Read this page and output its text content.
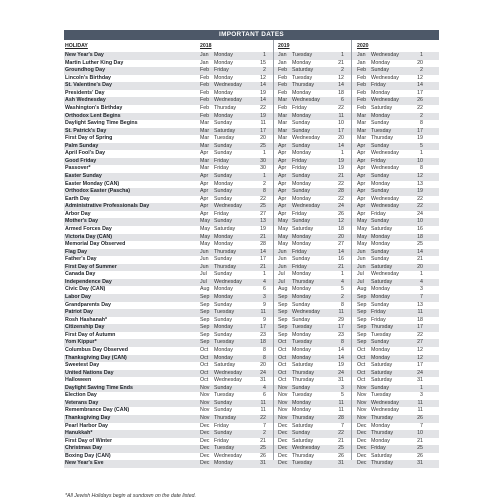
IMPORTANT DATES
HOLIDAY	2018	2019	2020
New Year's Day	Jan Monday	1 Jan Tuesday	1 Jan Wednesday	1
Martin Luther King Day	Jan Monday	15 Jan Monday	21 Jan Monday	20
Groundhog Day	Feb Friday	2 Feb Saturday	2 Feb Sunday	2
Lincoln's Birthday	Feb Monday	12 Feb Tuesday	12 Feb Wednesday	12
St. Valentine's Day	Feb Wednesday	14 Feb Thursday	14 Feb Friday	14
Presidents' Day	Feb Monday	19 Feb Monday	18 Feb Monday	17
Ash Wednesday	Feb Wednesday	14 Mar Wednesday	6 Feb Wednesday	26
Washington's Birthday	Feb Thursday	22 Feb Friday	22 Feb Saturday	22
Orthodox Lent Begins	Feb Monday	19 Mar Monday	11 Mar Monday	2
Daylight Saving Time Begins	Mar Sunday	11 Mar Sunday	10 Mar Sunday	8
St. Patrick's Day	Mar Saturday	17 Mar Sunday	17 Mar Tuesday	17
First Day of Spring	Mar Tuesday	20 Mar Wednesday	20 Mar Thursday	19
Palm Sunday	Mar Sunday	25 Apr Sunday	14 Apr Sunday	5
April Fool's Day	Apr Sunday	1 Apr Monday	1 Apr Wednesday	1
Good Friday	Mar Friday	30 Apr Friday	19 Apr Friday	10
Passover*	Mar Friday	30 Apr Friday	19 Apr Wednesday	8
Easter Sunday	Apr Sunday	1 Apr Sunday	21 Apr Sunday	12
Easter Monday (CAN)	Apr Monday	2 Apr Monday	22 Apr Monday	13
Orthodox Easter (Pascha)	Apr Sunday	8 Apr Sunday	28 Apr Sunday	19
Earth Day	Apr Sunday	22 Apr Monday	22 Apr Wednesday	22
Administrative Professionals Day	Apr Wednesday	25 Apr Wednesday	24 Apr Wednesday	22
Arbor Day	Apr Friday	27 Apr Friday	26 Apr Friday	24
Mother's Day	May Sunday	13 May Sunday	12 May Sunday	10
Armed Forces Day	May Saturday	19 May Saturday	18 May Saturday	16
Victoria Day (CAN)	May Monday	21 May Monday	20 May Monday	18
Memorial Day Observed	May Monday	28 May Monday	27 May Monday	25
Flag Day	Jun Thursday	14 Jun Friday	14 Jun Sunday	14
Father's Day	Jun Sunday	17 Jun Sunday	16 Jun Sunday	21
First Day of Summer	Jun Thursday	21 Jun Friday	21 Jun Saturday	20
Canada Day	Jul Sunday	1 Jul Monday	1 Jul Wednesday	1
Independence Day	Jul Wednesday	4 Jul Thursday	4 Jul Saturday	4
Civic Day (CAN)	Aug Monday	6 Aug Monday	5 Aug Monday	3
Labor Day	Sep Monday	3 Sep Monday	2 Sep Monday	7
Grandparents Day	Sep Sunday	9 Sep Sunday	8 Sep Sunday	13
Patriot Day	Sep Tuesday	11 Sep Wednesday	11 Sep Friday	11
Rosh Hashanah*	Sep Sunday	9 Sep Sunday	29 Sep Friday	18
Citizenship Day	Sep Monday	17 Sep Tuesday	17 Sep Thursday	17
First Day of Autumn	Sep Sunday	23 Sep Monday	23 Sep Tuesday	22
Yom Kippur*	Sep Tuesday	18 Oct Tuesday	8 Sep Sunday	27
Columbus Day Observed	Oct Monday	8 Oct Monday	14 Oct Monday	12
Thanksgiving Day (CAN)	Oct Monday	8 Oct Monday	14 Oct Monday	12
Sweetest Day	Oct Saturday	20 Oct Saturday	19 Oct Saturday	17
United Nations Day	Oct Wednesday	24 Oct Thursday	24 Oct Saturday	24
Halloween	Oct Wednesday	31 Oct Thursday	31 Oct Saturday	31
Daylight Saving Time Ends	Nov Sunday	4 Nov Sunday	3 Nov Sunday	1
Election Day	Nov Tuesday	6 Nov Tuesday	5 Nov Tuesday	3
Veterans Day	Nov Sunday	11 Nov Monday	11 Nov Wednesday	11
Remembrance Day (CAN)	Nov Sunday	11 Nov Monday	11 Nov Wednesday	11
Thanksgiving Day	Nov Thursday	22 Nov Thursday	28 Nov Thursday	26
Pearl Harbor Day	Dec Friday	7 Dec Saturday	7 Dec Monday	7
Hanukkah*	Dec Sunday	2 Dec Sunday	22 Dec Thursday	10
First Day of Winter	Dec Friday	21 Dec Saturday	21 Dec Monday	21
Christmas Day	Dec Tuesday	25 Dec Wednesday	25 Dec Friday	25
Boxing Day (CAN)	Dec Wednesday	26 Dec Thursday	26 Dec Saturday	26
New Year's Eve	Dec Monday	31 Dec Tuesday	31 Dec Thursday	31
*All Jewish Holidays begin at sundown on the date listed.
